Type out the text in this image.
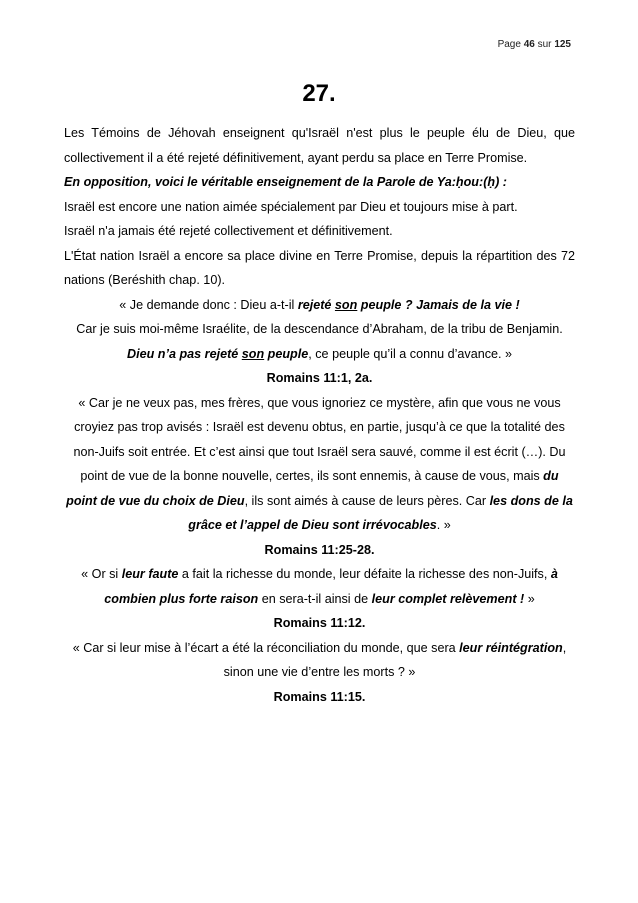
Page 46 sur 125
27.

Les Témoins de Jéhovah enseignent qu'Israël n'est plus le peuple élu de Dieu, que collectivement il a été rejeté définitivement, ayant perdu sa place en Terre Promise.

En opposition, voici le véritable enseignement de la Parole de Ya:ḥou:(ḥ) :

Israël est encore une nation aimée spécialement par Dieu et toujours mise à part.

Israël n'a jamais été rejeté collectivement et définitivement.

L'État nation Israël a encore sa place divine en Terre Promise, depuis la répartition des 72 nations (Beréshith chap. 10).

« Je demande donc : Dieu a-t-il rejeté son peuple ? Jamais de la vie !
Car je suis moi-même Israélite, de la descendance d’Abraham, de la tribu de Benjamin. Dieu n’a pas rejeté son peuple, ce peuple qu’il a connu d’avance. »

Romains 11:1, 2a.

« Car je ne veux pas, mes frères, que vous ignoriez ce mystère, afin que vous ne vous croyiez pas trop avisés : Israël est devenu obtus, en partie, jusqu’à ce que la totalité des non-Juifs soit entrée. Et c’est ainsi que tout Israël sera sauvé, comme il est écrit (…). Du point de vue de la bonne nouvelle, certes, ils sont ennemis, à cause de vous, mais du point de vue du choix de Dieu, ils sont aimés à cause de leurs pères. Car les dons de la grâce et l’appel de Dieu sont irrévocables. »

Romains 11:25-28.

« Or si leur faute a fait la richesse du monde, leur défaite la richesse des non-Juifs, à combien plus forte raison en sera-t-il ainsi de leur complet relèvement ! »

Romains 11:12.

« Car si leur mise à l’écart a été la réconciliation du monde, que sera leur réintégration, sinon une vie d’entre les morts ? »

Romains 11:15.
